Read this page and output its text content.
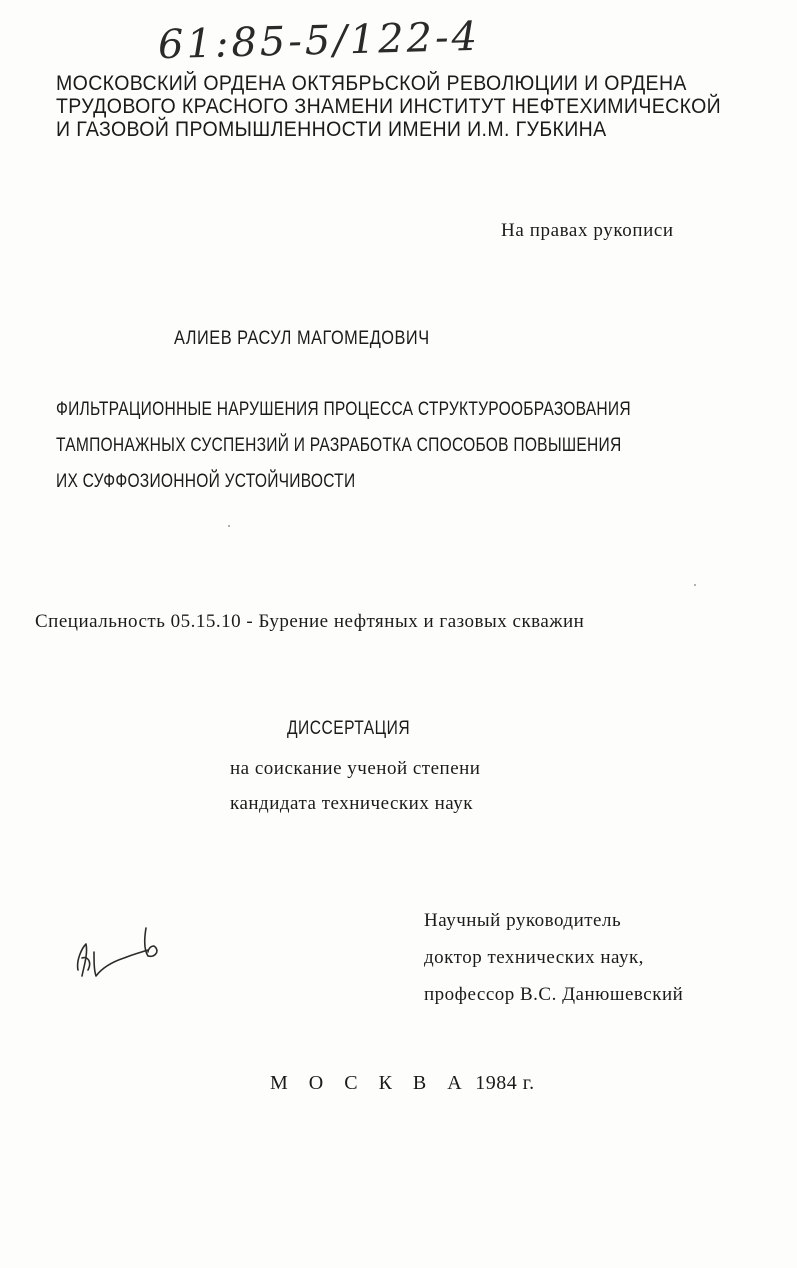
61:85-5/122-4
МОСКОВСКИЙ ОРДЕНА ОКТЯБРЬСКОЙ РЕВОЛЮЦИИ И ОРДЕНА
ТРУДОВОГО КРАСНОГО ЗНАМЕНИ ИНСТИТУТ НЕФТЕХИМИЧЕСКОЙ
И ГАЗОВОЙ ПРОМЫШЛЕННОСТИ ИМЕНИ И.М. ГУБКИНА
На правах рукописи
АЛИЕВ РАСУЛ МАГОМЕДОВИЧ
ФИЛЬТРАЦИОННЫЕ НАРУШЕНИЯ ПРОЦЕССА СТРУКТУРООБРАЗОВАНИЯ
ТАМПОНАЖНЫХ СУСПЕНЗИЙ И РАЗРАБОТКА СПОСОБОВ ПОВЫШЕНИЯ
ИХ СУФФОЗИОННОЙ УСТОЙЧИВОСТИ
Специальность 05.15.10 - Бурение нефтяных и газовых скважин
ДИССЕРТАЦИЯ
на соискание ученой степени
кандидата технических наук
Научный руководитель
доктор технических наук,
профессор В.С. Данюшевский
М О С К В А 1984 г.
